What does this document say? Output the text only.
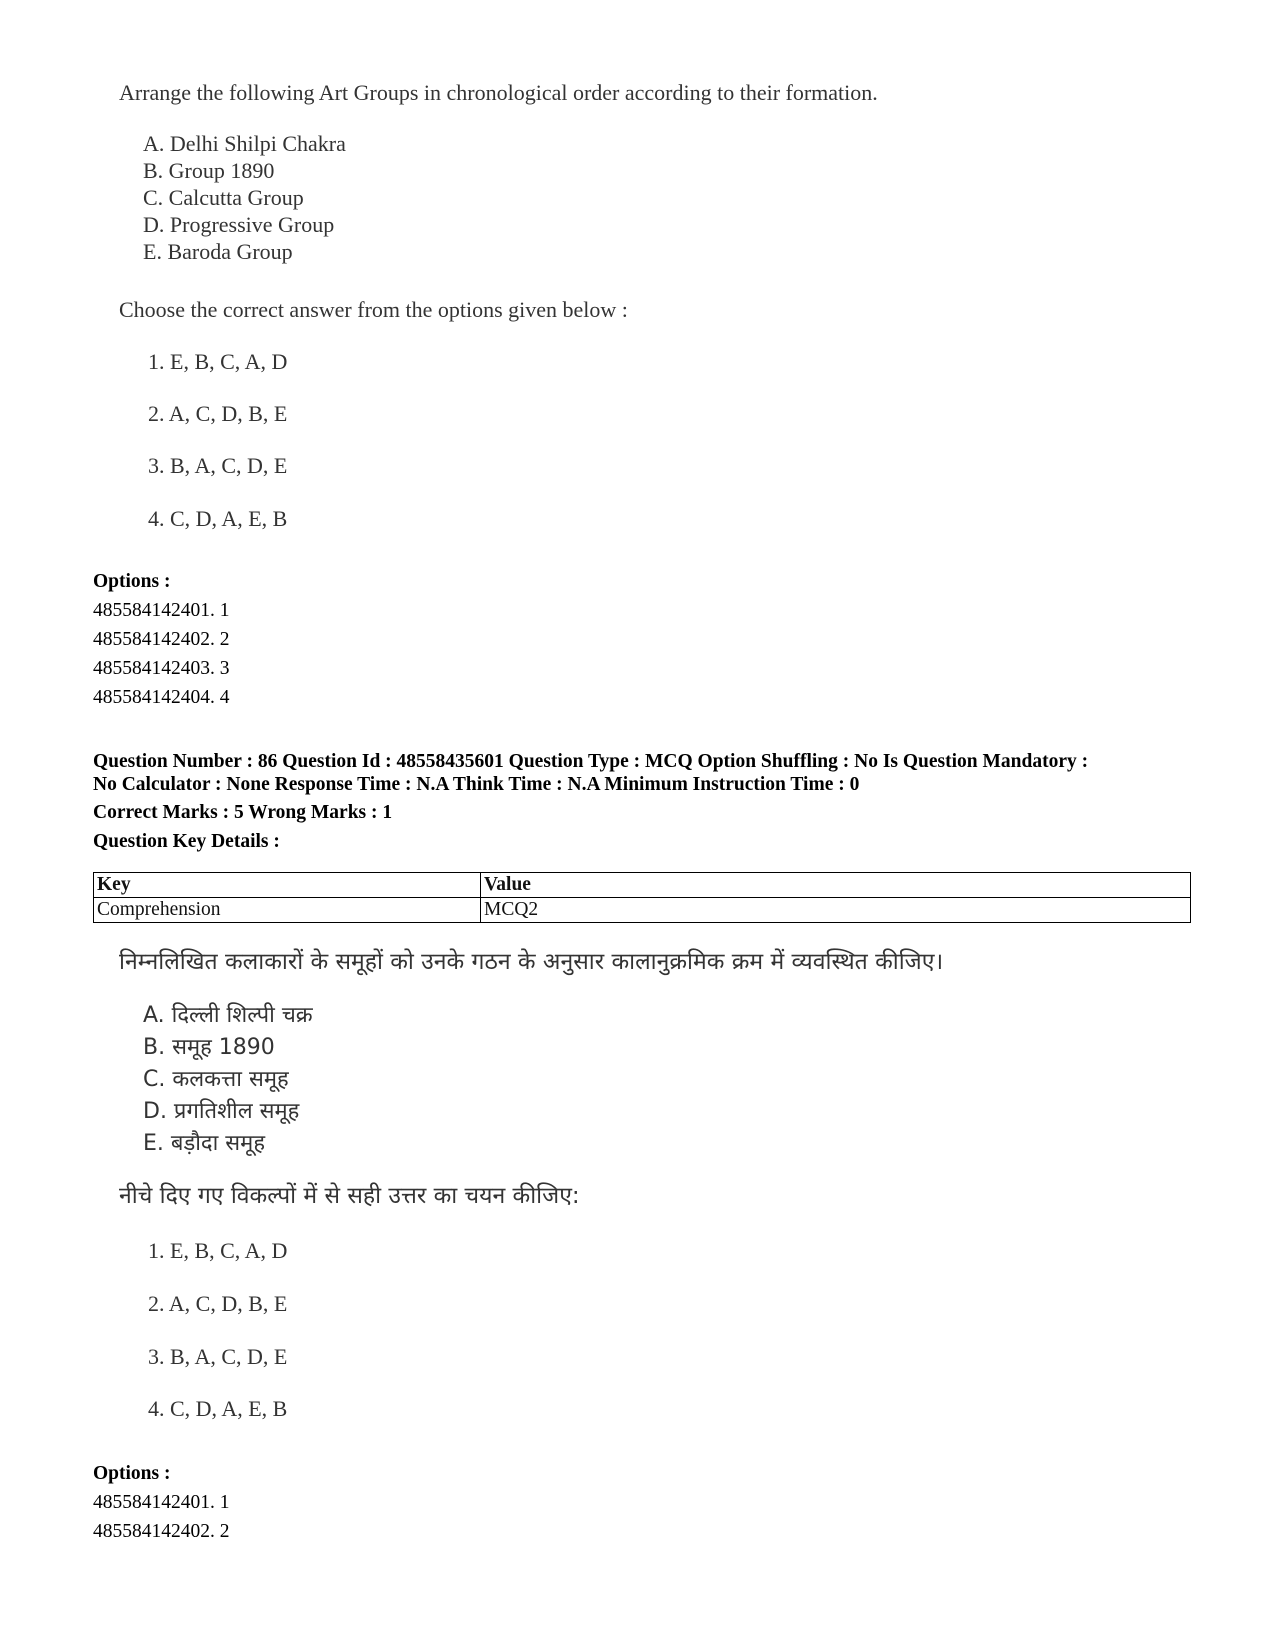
Arrange the following Art Groups in chronological order according to their formation.
A. Delhi Shilpi Chakra
B. Group 1890
C. Calcutta Group
D. Progressive Group
E. Baroda Group
Choose the correct answer from the options given below :
1. E, B, C, A, D
2. A, C, D, B, E
3. B, A, C, D, E
4. C, D, A, E, B
Options :
485584142401. 1
485584142402. 2
485584142403. 3
485584142404. 4
Question Number : 86 Question Id : 48558435601 Question Type : MCQ Option Shuffling : No Is Question Mandatory :
No Calculator : None Response Time : N.A Think Time : N.A Minimum Instruction Time : 0
Correct Marks : 5 Wrong Marks : 1
Question Key Details :
Key	Value
Comprehension	MCQ2
निम्नलिखित कलाकारों के समूहों को उनके गठन के अनुसार कालानुक्रमिक क्रम में व्यवस्थित कीजिए।
A. दिल्ली शिल्पी चक्र
B. समूह 1890
C. कलकत्ता समूह
D. प्रगतिशील समूह
E. बड़ौदा समूह
नीचे दिए गए विकल्पों में से सही उत्तर का चयन कीजिए:
1. E, B, C, A, D
2. A, C, D, B, E
3. B, A, C, D, E
4. C, D, A, E, B
Options :
485584142401. 1
485584142402. 2
